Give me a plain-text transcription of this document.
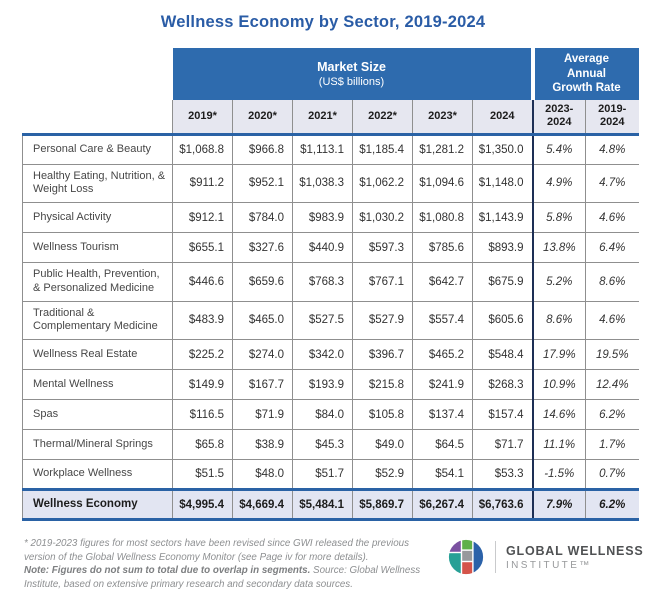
Wellness Economy by Sector, 2019-2024

	Market Size
(US$ billions)						Average Annual Growth Rate	

	2019*	2020*	2021*	2022*	2023*	2024	2023-2024	2019-2024
Personal Care & Beauty	$1,068.8	$966.8	$1,113.1	$1,185.4	$1,281.2	$1,350.0	5.4%	4.8%
Healthy Eating, Nutrition, & Weight Loss	$911.2	$952.1	$1,038.3	$1,062.2	$1,094.6	$1,148.0	4.9%	4.7%
Physical Activity	$912.1	$784.0	$983.9	$1,030.2	$1,080.8	$1,143.9	5.8%	4.6%
Wellness Tourism	$655.1	$327.6	$440.9	$597.3	$785.6	$893.9	13.8%	6.4%
Public Health, Prevention, & Personalized Medicine	$446.6	$659.6	$768.3	$767.1	$642.7	$675.9	5.2%	8.6%
Traditional & Complementary Medicine	$483.9	$465.0	$527.5	$527.9	$557.4	$605.6	8.6%	4.6%
Wellness Real Estate	$225.2	$274.0	$342.0	$396.7	$465.2	$548.4	17.9%	19.5%
Mental Wellness	$149.9	$167.7	$193.9	$215.8	$241.9	$268.3	10.9%	12.4%
Spas	$116.5	$71.9	$84.0	$105.8	$137.4	$157.4	14.6%	6.2%
Thermal/Mineral Springs	$65.8	$38.9	$45.3	$49.0	$64.5	$71.7	11.1%	1.7%
Workplace Wellness	$51.5	$48.0	$51.7	$52.9	$54.1	$53.3	-1.5%	0.7%
Wellness Economy	$4,995.4	$4,669.4	$5,484.1	$5,869.7	$6,267.4	$6,763.6	7.9%	6.2%
* 2019-2023 figures for most sectors have been revised since GWI released the previous version of the Global Wellness Economy Monitor (see Page iv for more details).
Note: Figures do not sum to total due to overlap in segments. Source: Global Wellness Institute, based on extensive primary research and secondary data sources.
GLOBAL WELLNESS
INSTITUTE™
